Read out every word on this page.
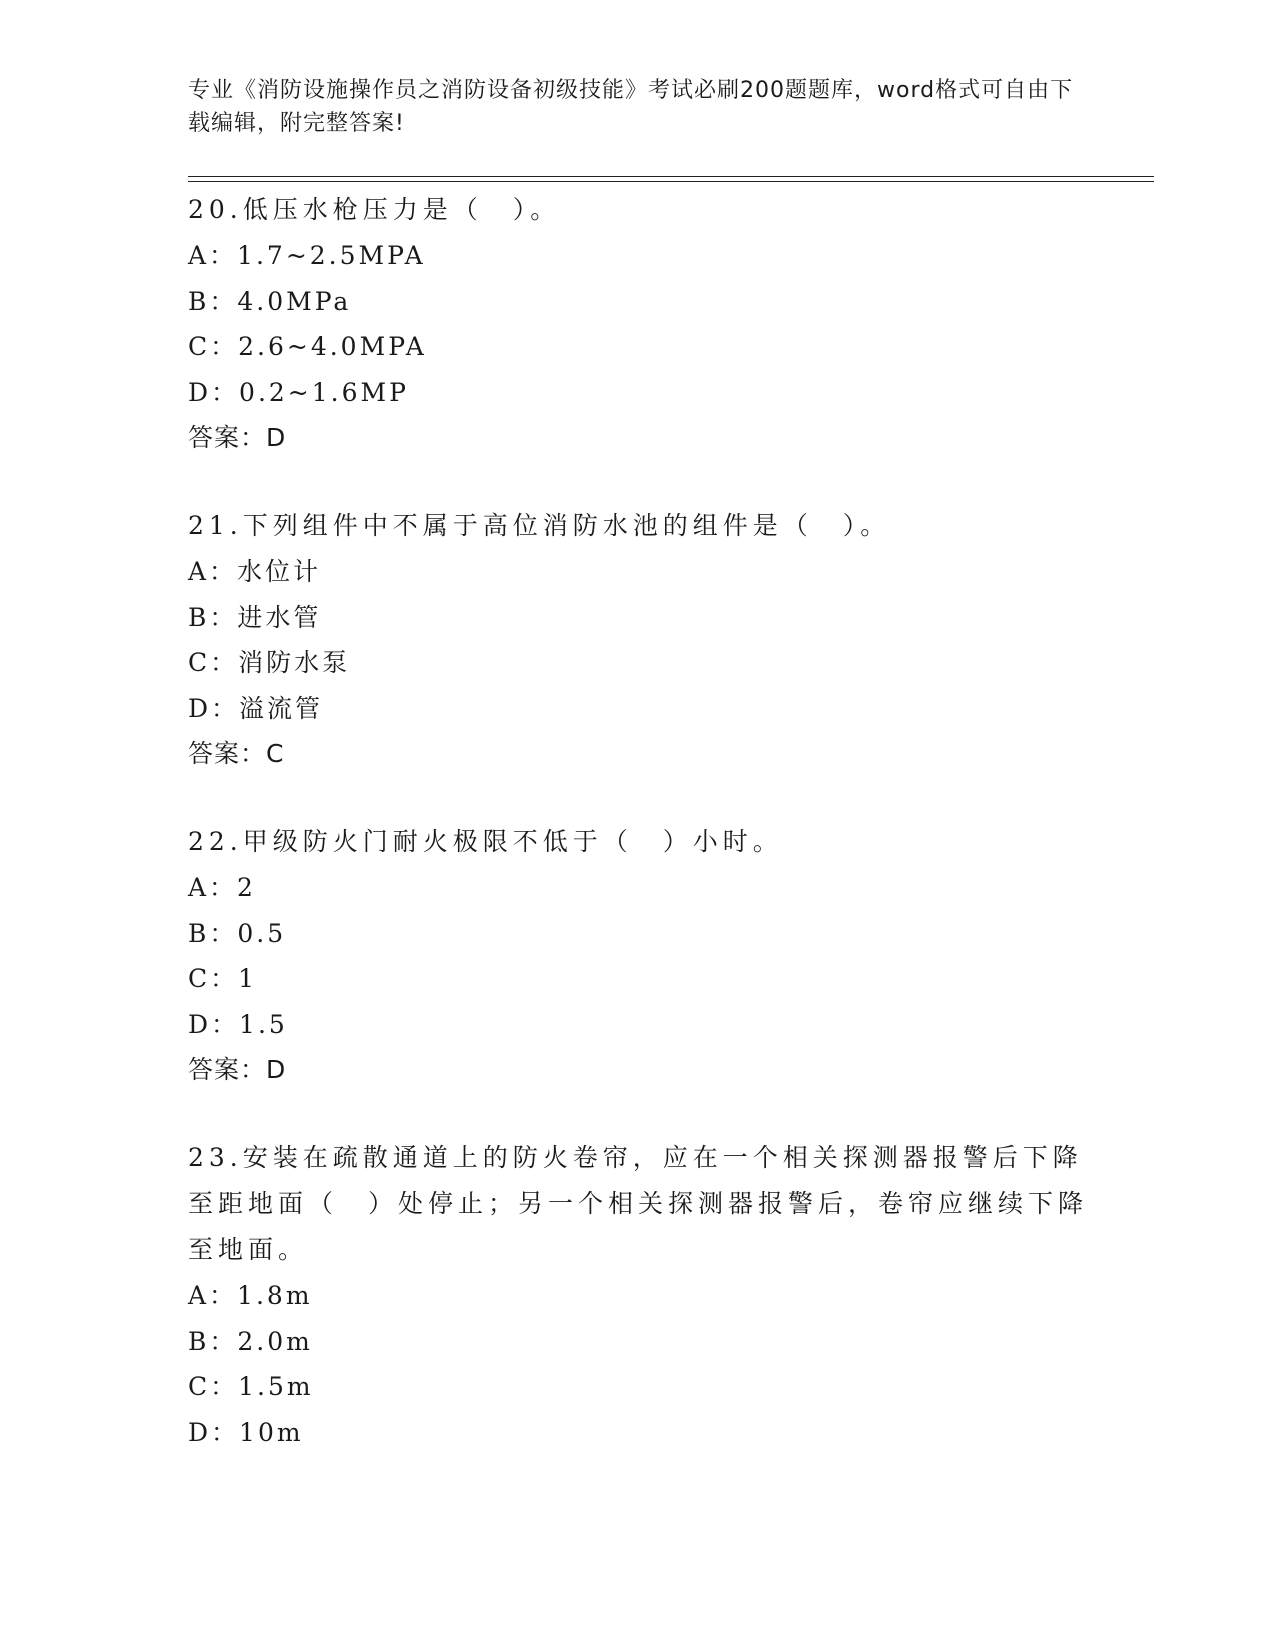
专业《消防设施操作员之消防设备初级技能》考试必刷200题题库，word格式可自由下载编辑，附完整答案!

20.低压水枪压力是（　）。

A：1.7~2.5MPA

B：4.0MPa

C：2.6~4.0MPA

D：0.2~1.6MP

答案：D

21.下列组件中不属于高位消防水池的组件是（　）。

A：水位计

B：进水管

C：消防水泵

D：溢流管

答案：C

22.甲级防火门耐火极限不低于（　）小时。

A：2

B：0.5

C：1

D：1.5

答案：D

23.安装在疏散通道上的防火卷帘，应在一个相关探测器报警后下降至距地面（　）处停止；另一个相关探测器报警后，卷帘应继续下降至地面。

A：1.8m

B：2.0m

C：1.5m

D：10m
